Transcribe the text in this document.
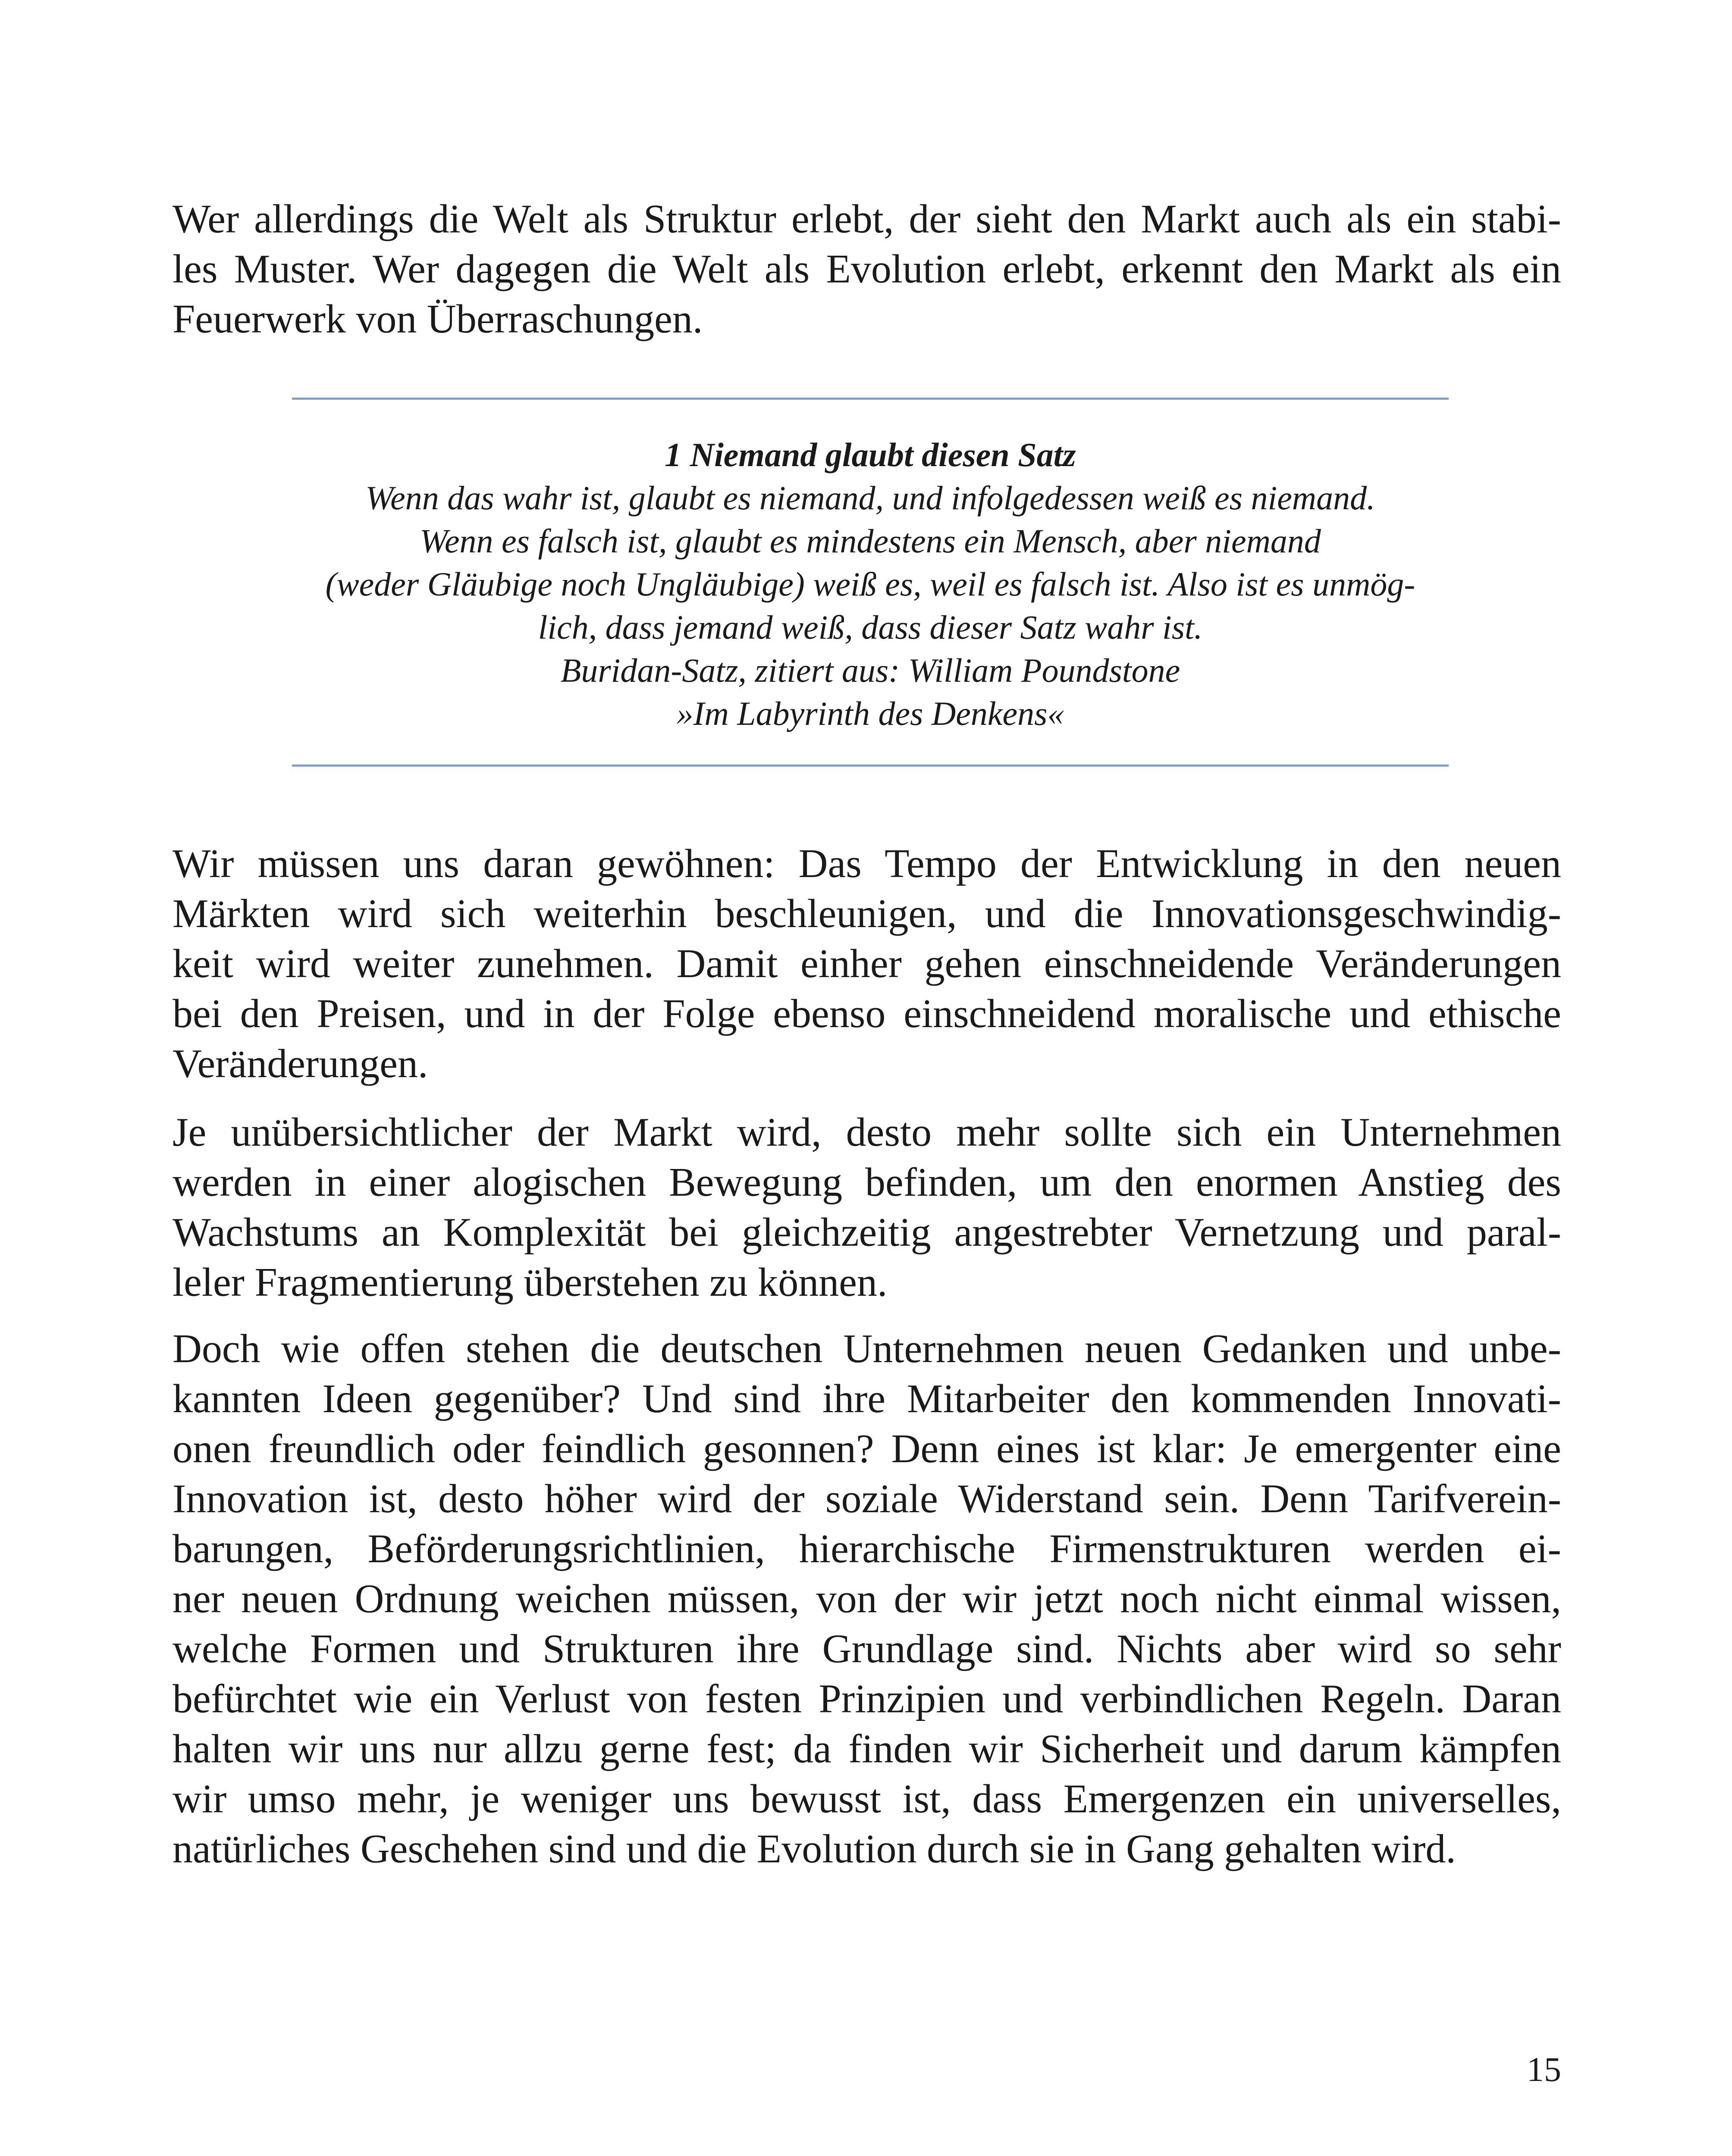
Wer allerdings die Welt als Struktur erlebt, der sieht den Markt auch als ein stabi-
les Muster. Wer dagegen die Welt als Evolution erlebt, erkennt den Markt als ein
Feuerwerk von Überraschungen.
1 Niemand glaubt diesen Satz
Wenn das wahr ist, glaubt es niemand, und infolgedessen weiß es niemand.
Wenn es falsch ist, glaubt es mindestens ein Mensch, aber niemand
(weder Gläubige noch Ungläubige) weiß es, weil es falsch ist. Also ist es unmög-
lich, dass jemand weiß, dass dieser Satz wahr ist.
Buridan-Satz, zitiert aus: William Poundstone
»Im Labyrinth des Denkens«
Wir müssen uns daran gewöhnen: Das Tempo der Entwicklung in den neuen
Märkten wird sich weiterhin beschleunigen, und die Innovationsgeschwindig-
keit wird weiter zunehmen. Damit einher gehen einschneidende Veränderungen
bei den Preisen, und in der Folge ebenso einschneidend moralische und ethische
Veränderungen.
Je unübersichtlicher der Markt wird, desto mehr sollte sich ein Unternehmen
werden in einer alogischen Bewegung befinden, um den enormen Anstieg des
Wachstums an Komplexität bei gleichzeitig angestrebter Vernetzung und paral-
leler Fragmentierung überstehen zu können.
Doch wie offen stehen die deutschen Unternehmen neuen Gedanken und unbe-
kannten Ideen gegenüber? Und sind ihre Mitarbeiter den kommenden Innovati-
onen freundlich oder feindlich gesonnen? Denn eines ist klar: Je emergenter eine
Innovation ist, desto höher wird der soziale Widerstand sein. Denn Tarifverein-
barungen, Beförderungsrichtlinien, hierarchische Firmenstrukturen werden ei-
ner neuen Ordnung weichen müssen, von der wir jetzt noch nicht einmal wissen,
welche Formen und Strukturen ihre Grundlage sind. Nichts aber wird so sehr
befürchtet wie ein Verlust von festen Prinzipien und verbindlichen Regeln. Daran
halten wir uns nur allzu gerne fest; da finden wir Sicherheit und darum kämpfen
wir umso mehr, je weniger uns bewusst ist, dass Emergenzen ein universelles,
natürliches Geschehen sind und die Evolution durch sie in Gang gehalten wird.
15
